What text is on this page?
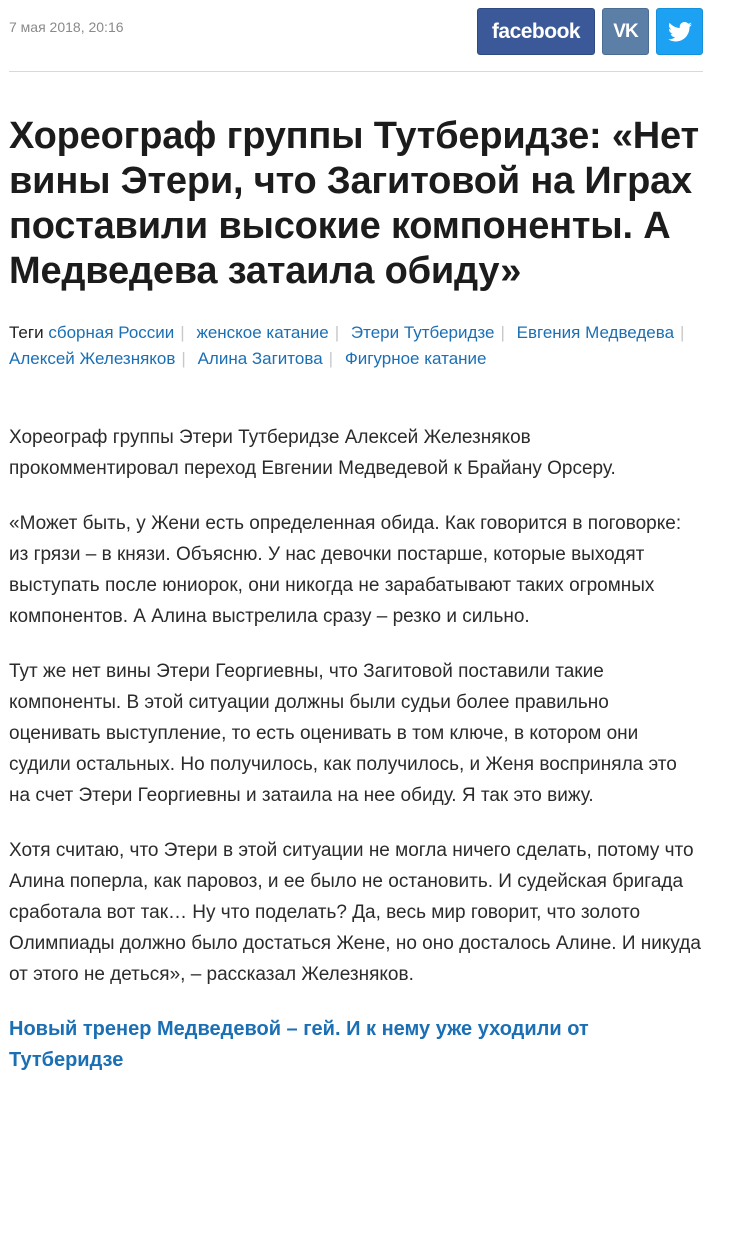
7 мая 2018, 20:16	facebook VK
Хореограф группы Тутберидзе: «Нет вины Этери, что Загитовой на Играх поставили высокие компоненты. А Медведева затаила обиду»
Теги сборная России | женское катание | Этери Тутберидзе | Евгения Медведева | Алексей Железняков | Алина Загитова | Фигурное катание

Хореограф группы Этери Тутберидзе Алексей Железняков прокомментировал переход Евгении Медведевой к Брайану Орсеру.

«Может быть, у Жени есть определенная обида. Как говорится в поговорке: из грязи – в князи. Объясню. У нас девочки постарше, которые выходят выступать после юниорок, они никогда не зарабатывают таких огромных компонентов. А Алина выстрелила сразу – резко и сильно.

Тут же нет вины Этери Георгиевны, что Загитовой поставили такие компоненты. В этой ситуации должны были судьи более правильно оценивать выступление, то есть оценивать в том ключе, в котором они судили остальных. Но получилось, как получилось, и Женя восприняла это на счет Этери Георгиевны и затаила на нее обиду. Я так это вижу.

Хотя считаю, что Этери в этой ситуации не могла ничего сделать, потому что Алина поперла, как паровоз, и ее было не остановить. И судейская бригада сработала вот так… Ну что поделать? Да, весь мир говорит, что золото Олимпиады должно было достаться Жене, но оно досталось Алине. И никуда от этого не деться», – рассказал Железняков.

Новый тренер Медведевой – гей. И к нему уже уходили от Тутберидзе
